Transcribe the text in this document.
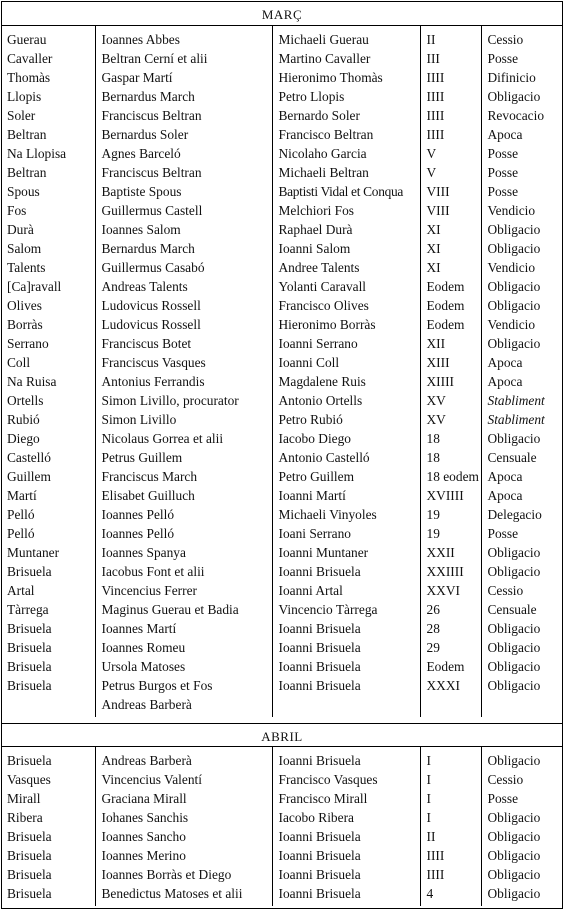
MARÇ
Guerau	Ioannes Abbes	Michaeli Guerau	II	Cessio
Cavaller	Beltran Cerní et alii	Martino Cavaller	III	Posse
Thomàs	Gaspar Martí	Hieronimo Thomàs	IIII	Difinicio
Llopis	Bernardus March	Petro Llopis	IIII	Obligacio
Soler	Franciscus Beltran	Bernardo Soler	IIII	Revocacio
Beltran	Bernardus Soler	Francisco Beltran	IIII	Apoca
Na Llopisa	Agnes Barceló	Nicolaho Garcia	V	Posse
Beltran	Franciscus Beltran	Michaeli Beltran	V	Posse
Spous	Baptiste Spous	Baptisti Vidal et Conqua	VIII	Posse
Fos	Guillermus Castell	Melchiori Fos	VIII	Vendicio
Durà	Ioannes Salom	Raphael Durà	XI	Obligacio
Salom	Bernardus March	Ioanni Salom	XI	Obligacio
Talents	Guillermus Casabó	Andree Talents	XI	Vendicio
[Ca]ravall	Andreas Talents	Yolanti Caravall	Eodem	Obligacio
Olives	Ludovicus Rossell	Francisco Olives	Eodem	Obligacio
Borràs	Ludovicus Rossell	Hieronimo Borràs	Eodem	Vendicio
Serrano	Franciscus Botet	Ioanni Serrano	XII	Obligacio
Coll	Franciscus Vasques	Ioanni Coll	XIII	Apoca
Na Ruisa	Antonius Ferrandis	Magdalene Ruis	XIIII	Apoca
Ortells	Simon Livillo, procurator	Antonio Ortells	XV	Stabliment
Rubió	Simon Livillo	Petro Rubió	XV	Stabliment
Diego	Nicolaus Gorrea et alii	Iacobo Diego	18	Obligacio
Castelló	Petrus Guillem	Antonio Castelló	18	Censuale
Guillem	Franciscus March	Petro Guillem	18 eodem	Apoca
Martí	Elisabet Guilluch	Ioanni Martí	XVIIII	Apoca
Pelló	Ioannes Pelló	Michaeli Vinyoles	19	Delegacio
Pelló	Ioannes Pelló	Ioani Serrano	19	Posse
Muntaner	Ioannes Spanya	Ioanni Muntaner	XXII	Obligacio
Brisuela	Iacobus Font et alii	Ioanni Brisuela	XXIIII	Obligacio
Artal	Vincencius Ferrer	Ioanni Artal	XXVI	Cessio
Tàrrega	Maginus Guerau et Badia	Vincencio Tàrrega	26	Censuale
Brisuela	Ioannes Martí	Ioanni Brisuela	28	Obligacio
Brisuela	Ioannes Romeu	Ioanni Brisuela	29	Obligacio
Brisuela	Ursola Matoses	Ioanni Brisuela	Eodem	Obligacio
Brisuela	Petrus Burgos et Fos	Ioanni Brisuela	XXXI	Obligacio
	Andreas Barberà			
ABRIL
Brisuela	Andreas Barberà	Ioanni Brisuela	I	Obligacio
Vasques	Vincencius Valentí	Francisco Vasques	I	Cessio
Mirall	Graciana Mirall	Francisco Mirall	I	Posse
Ribera	Iohanes Sanchis	Iacobo Ribera	I	Obligacio
Brisuela	Ioannes Sancho	Ioanni Brisuela	II	Obligacio
Brisuela	Ioannes Merino	Ioanni Brisuela	IIII	Obligacio
Brisuela	Ioannes Borràs et Diego	Ioanni Brisuela	IIII	Obligacio
Brisuela	Benedictus Matoses et alii	Ioanni Brisuela	4	Obligacio
